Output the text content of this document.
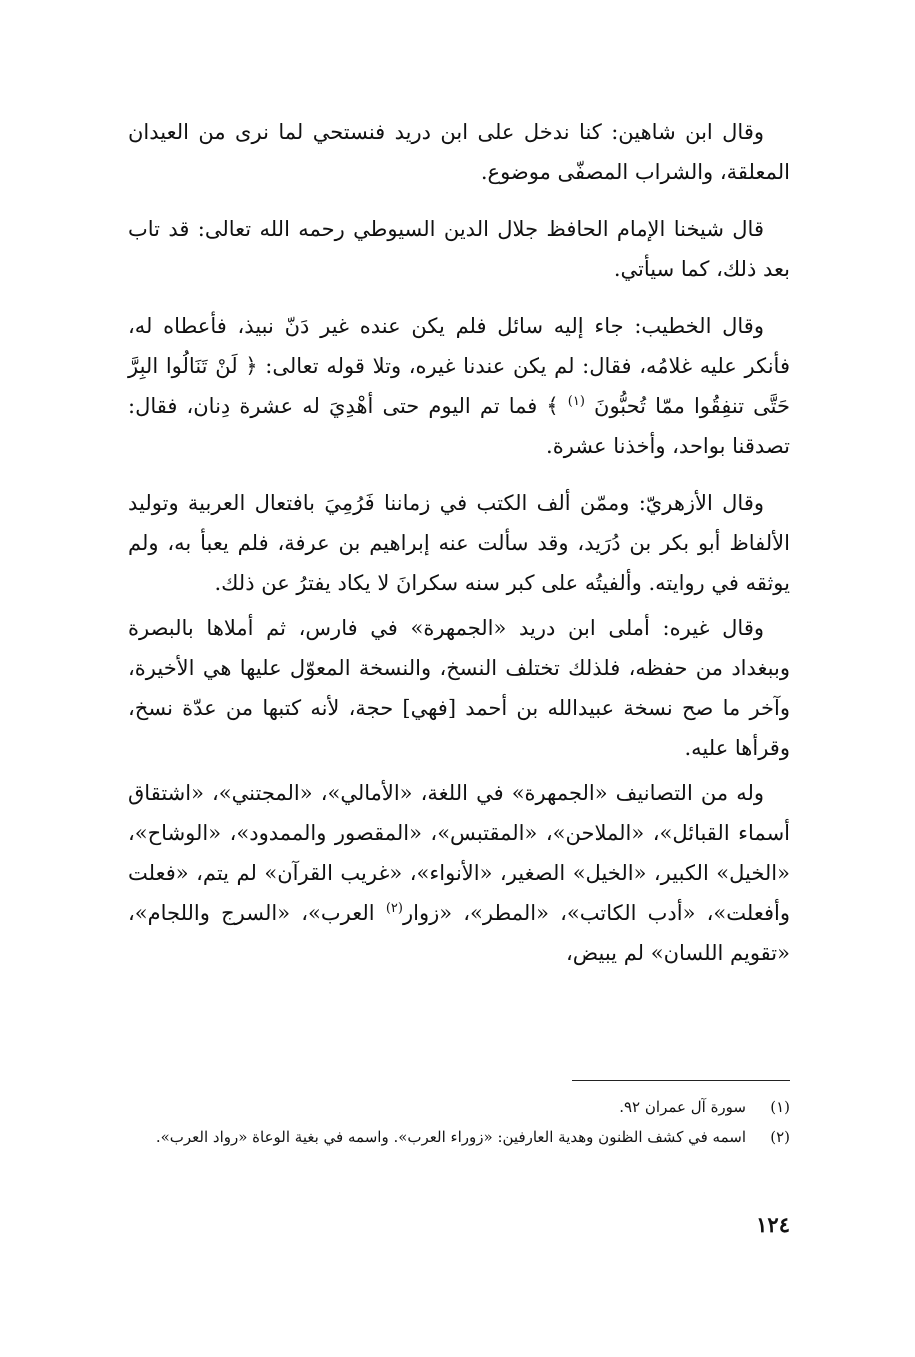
وقال ابن شاهين: كنا ندخل على ابن دريد فنستحي لما نرى من العيدان المعلقة، والشراب المصفّى موضوع.

قال شيخنا الإمام الحافظ جلال الدين السيوطي رحمه الله تعالى: قد تاب بعد ذلك، كما سيأتي.

وقال الخطيب: جاء إليه سائل فلم يكن عنده غير دَنّ نبيذ، فأعطاه له، فأنكر عليه غلامُه، فقال: لم يكن عندنا غيره، وتلا قوله تعالى: ﴿ لَنْ تَنَالُوا البِرَّ حَتَّى تنفِقُوا ممّا تُحبُّونَ $^{(١)}$ ﴾ فما تم اليوم حتى أهْدِيَ له عشرة دِنان، فقال: تصدقنا بواحد، وأخذنا عشرة.

وقال الأزهريّ: وممّن ألف الكتب في زماننا فَرُمِيَ بافتعال العربية وتوليد الألفاظ أبو بكر بن دُرَيد، وقد سألت عنه إبراهيم بن عرفة، فلم يعبأ به، ولم يوثقه في روايته. وألفيتُه على كبر سنه سكرانَ لا يكاد يفترُ عن ذلك.

وقال غيره: أملى ابن دريد «الجمهرة» في فارس، ثم أملاها بالبصرة وببغداد من حفظه، فلذلك تختلف النسخ، والنسخة المعوّل عليها هي الأخيرة، وآخر ما صح نسخة عبيدالله بن أحمد [فهي] حجة، لأنه كتبها من عدّة نسخ، وقرأها عليه.

وله من التصانيف «الجمهرة» في اللغة، «الأمالي»، «المجتني»، «اشتقاق أسماء القبائل»، «الملاحن»، «المقتبس»، «المقصور والممدود»، «الوشاح»، «الخيل» الكبير، «الخيل» الصغير، «الأنواء»، «غريب القرآن» لم يتم، «فعلت وأفعلت»، «أدب الكاتب»، «المطر»، «زوار$^{(٢)}$ العرب»، «السرج واللجام»، «تقويم اللسان» لم يبيض،

(١)
سورة آل عمران ٩٢.
(٢)
اسمه في كشف الظنون وهدية العارفين: «زوراء العرب». واسمه في بغية الوعاة «رواد العرب».
١٢٤
